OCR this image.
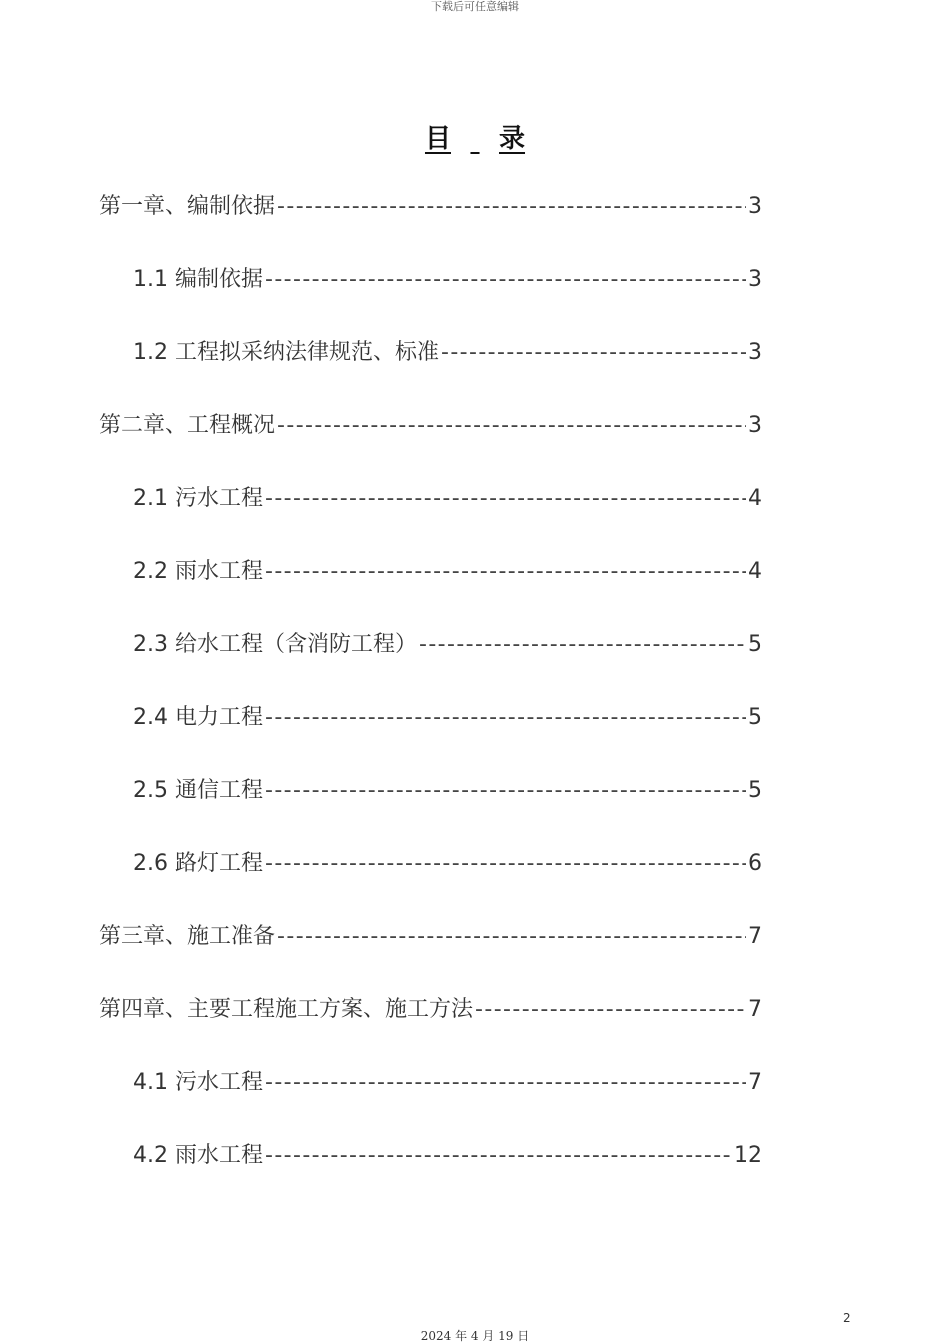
下载后可任意编辑
目 录
第一章、编制依据 -----	3
1.1 编制依据 -----	3
1.2 工程拟采纳法律规范、标准 -----	3
第二章、工程概况 -----	3
2.1 污水工程 -----	4
2.2 雨水工程 -----	4
2.3 给水工程（含消防工程） -----	5
2.4 电力工程 -----	5
2.5 通信工程 -----	5
2.6 路灯工程 -----	6
第三章、施工准备 -----	7
第四章、主要工程施工方案、施工方法 -----	7
4.1 污水工程 -----	7
4.2 雨水工程 -----	12
2
2024 年 4 月 19 日
